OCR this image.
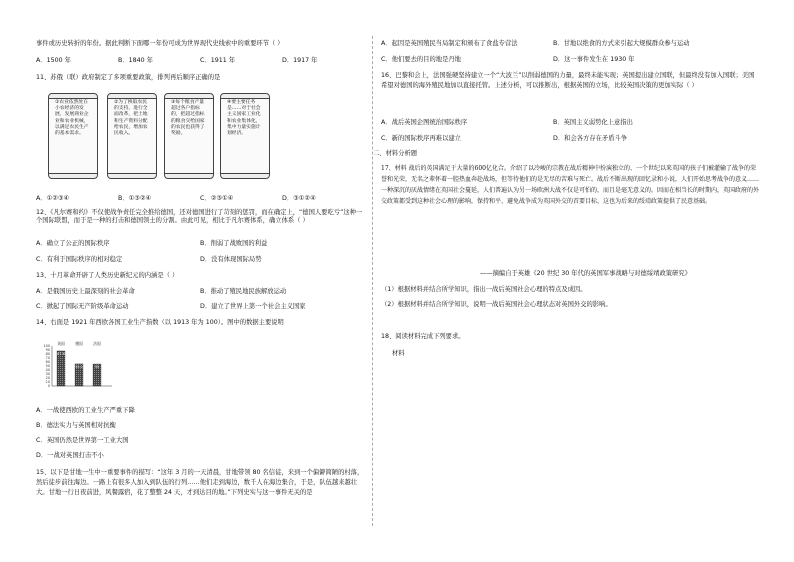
事件或历史转折的年份。据此判断下面哪一年份可成为世界现代史线索中的重要环节（ ）
A．1500 年	B．1840 年	C．1911 年	D．1917 年
11、苏俄（联）政府制定了多项重要政策，排列再后顺序正确的是
①农业依然处在小农经济的发展，发展商业企业和农业机械，以满足农民生产的基本需求。
②为了换取农民的支持，进行全面改革，把土地和生产资料分配给农民，增加农民收入。
③每个粮食产量超过各户指标的，把超过指标的粮食交给国家的农民也获得了奖励。
④要主要任务是……对于社会主义国家工业化和农业集体化，集中力量实施计划经济。
A．①②③④	B．①③②④	C．②③①④	D．③①②④
12、《凡尔赛和约》不仅使战争责任完全推给德国，还对德国进行了苛刻的惩罚，而在确定上，“德国人要吃亏”这种一个国际联盟，而于是一种的打击和德国领土的分割。由此可见，相比于凡尔赛体系，确立体系（ ）
A．确立了公正的国际秩序	B．削弱了战败国的利益
C．有利于国际秩序的相对稳定	D．没有体现国际局势
13、十月革命开辟了人类历史新纪元的内涵是（ ）
A．是俄国历史上最深刻的社会革命	B．推动了殖民地民族解放运动
C．掀起了国际无产阶级革命运动	D．建立了世界上第一个社会主义国家
14、右面是 1921 年西欧各国工业生产指数（以 1913 年为 100）。图中的数据主要说明
100
90
80
70
60
50
40
30
20
10
0
87.6
英国
55.2
德国
55
法国
A．一战使西欧的工业生产严重下降
B．德法实力与英国相对抗衡
C．英国仍然是世界第一工业大国
D．一战对英国打击不小
15、以下是甘地一生中一重要事件的描写：“这年 3 月的一天清晨，甘地带领 80 名信徒，来到一个偏僻简陋的村落，然后徒步前往海边。一路上有很多人加入到队伍的行列……他们走到海边，数千人在海边集合，于是，队伍越来越壮大。甘地一行日夜前进，风餐露宿，花了整整 24 天，才到达目的地。”下列史实与这一事件无关的是
A．起因是英国殖民当局制定和颁布了食盐专营法	B．甘地以绝食的方式来引起大规模群众参与运动
C．他们要去的目的地是丹地	D．这一事件发生在 1930 年
16、巴黎和会上，法国强硬坚持建立一个“大波兰”以削弱德国的力量，最终未能实现；英国提出建立国联，但最终没有加入国联；美国希望对德国的海外殖民地加以直接托管。上述分析，可以推断出，根据英国的立场，比较英国决策的更加实际（ ）
A．战后英国企图统治国际秩序	B．英国主义弱势化上意指出
C．新的国际秩序再难以建立	D．和会各方存在矛盾斗争
二、材料分析题
17、材料 战后的英国满足于大量的600亿化合。介绍了以冷峻的宗教在战后精神中扮演独立的、一个世纪以来英国的孩子们被灌输了战争的荣誉和光荣，无名之辈怀着一腔热血奔赴战场，但等待他们的是无尽的苦难与死亡。战后不断出现的回忆录和小说，人们开始思考战争的意义……一种深沉的厌战情绪在英国社会蔓延，人们普遍认为另一场欧洲大战不仅是可怕的，而且是毫无意义的。因而在相当长的时期内，英国政府的外交政策都受到这种社会心理的影响，保持和平、避免战争成为英国外交的首要目标，这也为后来的绥靖政策提供了民意基础。
——摘编自于英雄《20 世纪 30 年代的英国军事战略与对德绥靖政策研究》
（1）根据材料并结合所学知识，指出一战后英国社会心理的特点及成因。
（2）根据材料并结合所学知识，说明一战后英国社会心理状态对英国外交的影响。
18、阅读材料完成下列要求。
材料
